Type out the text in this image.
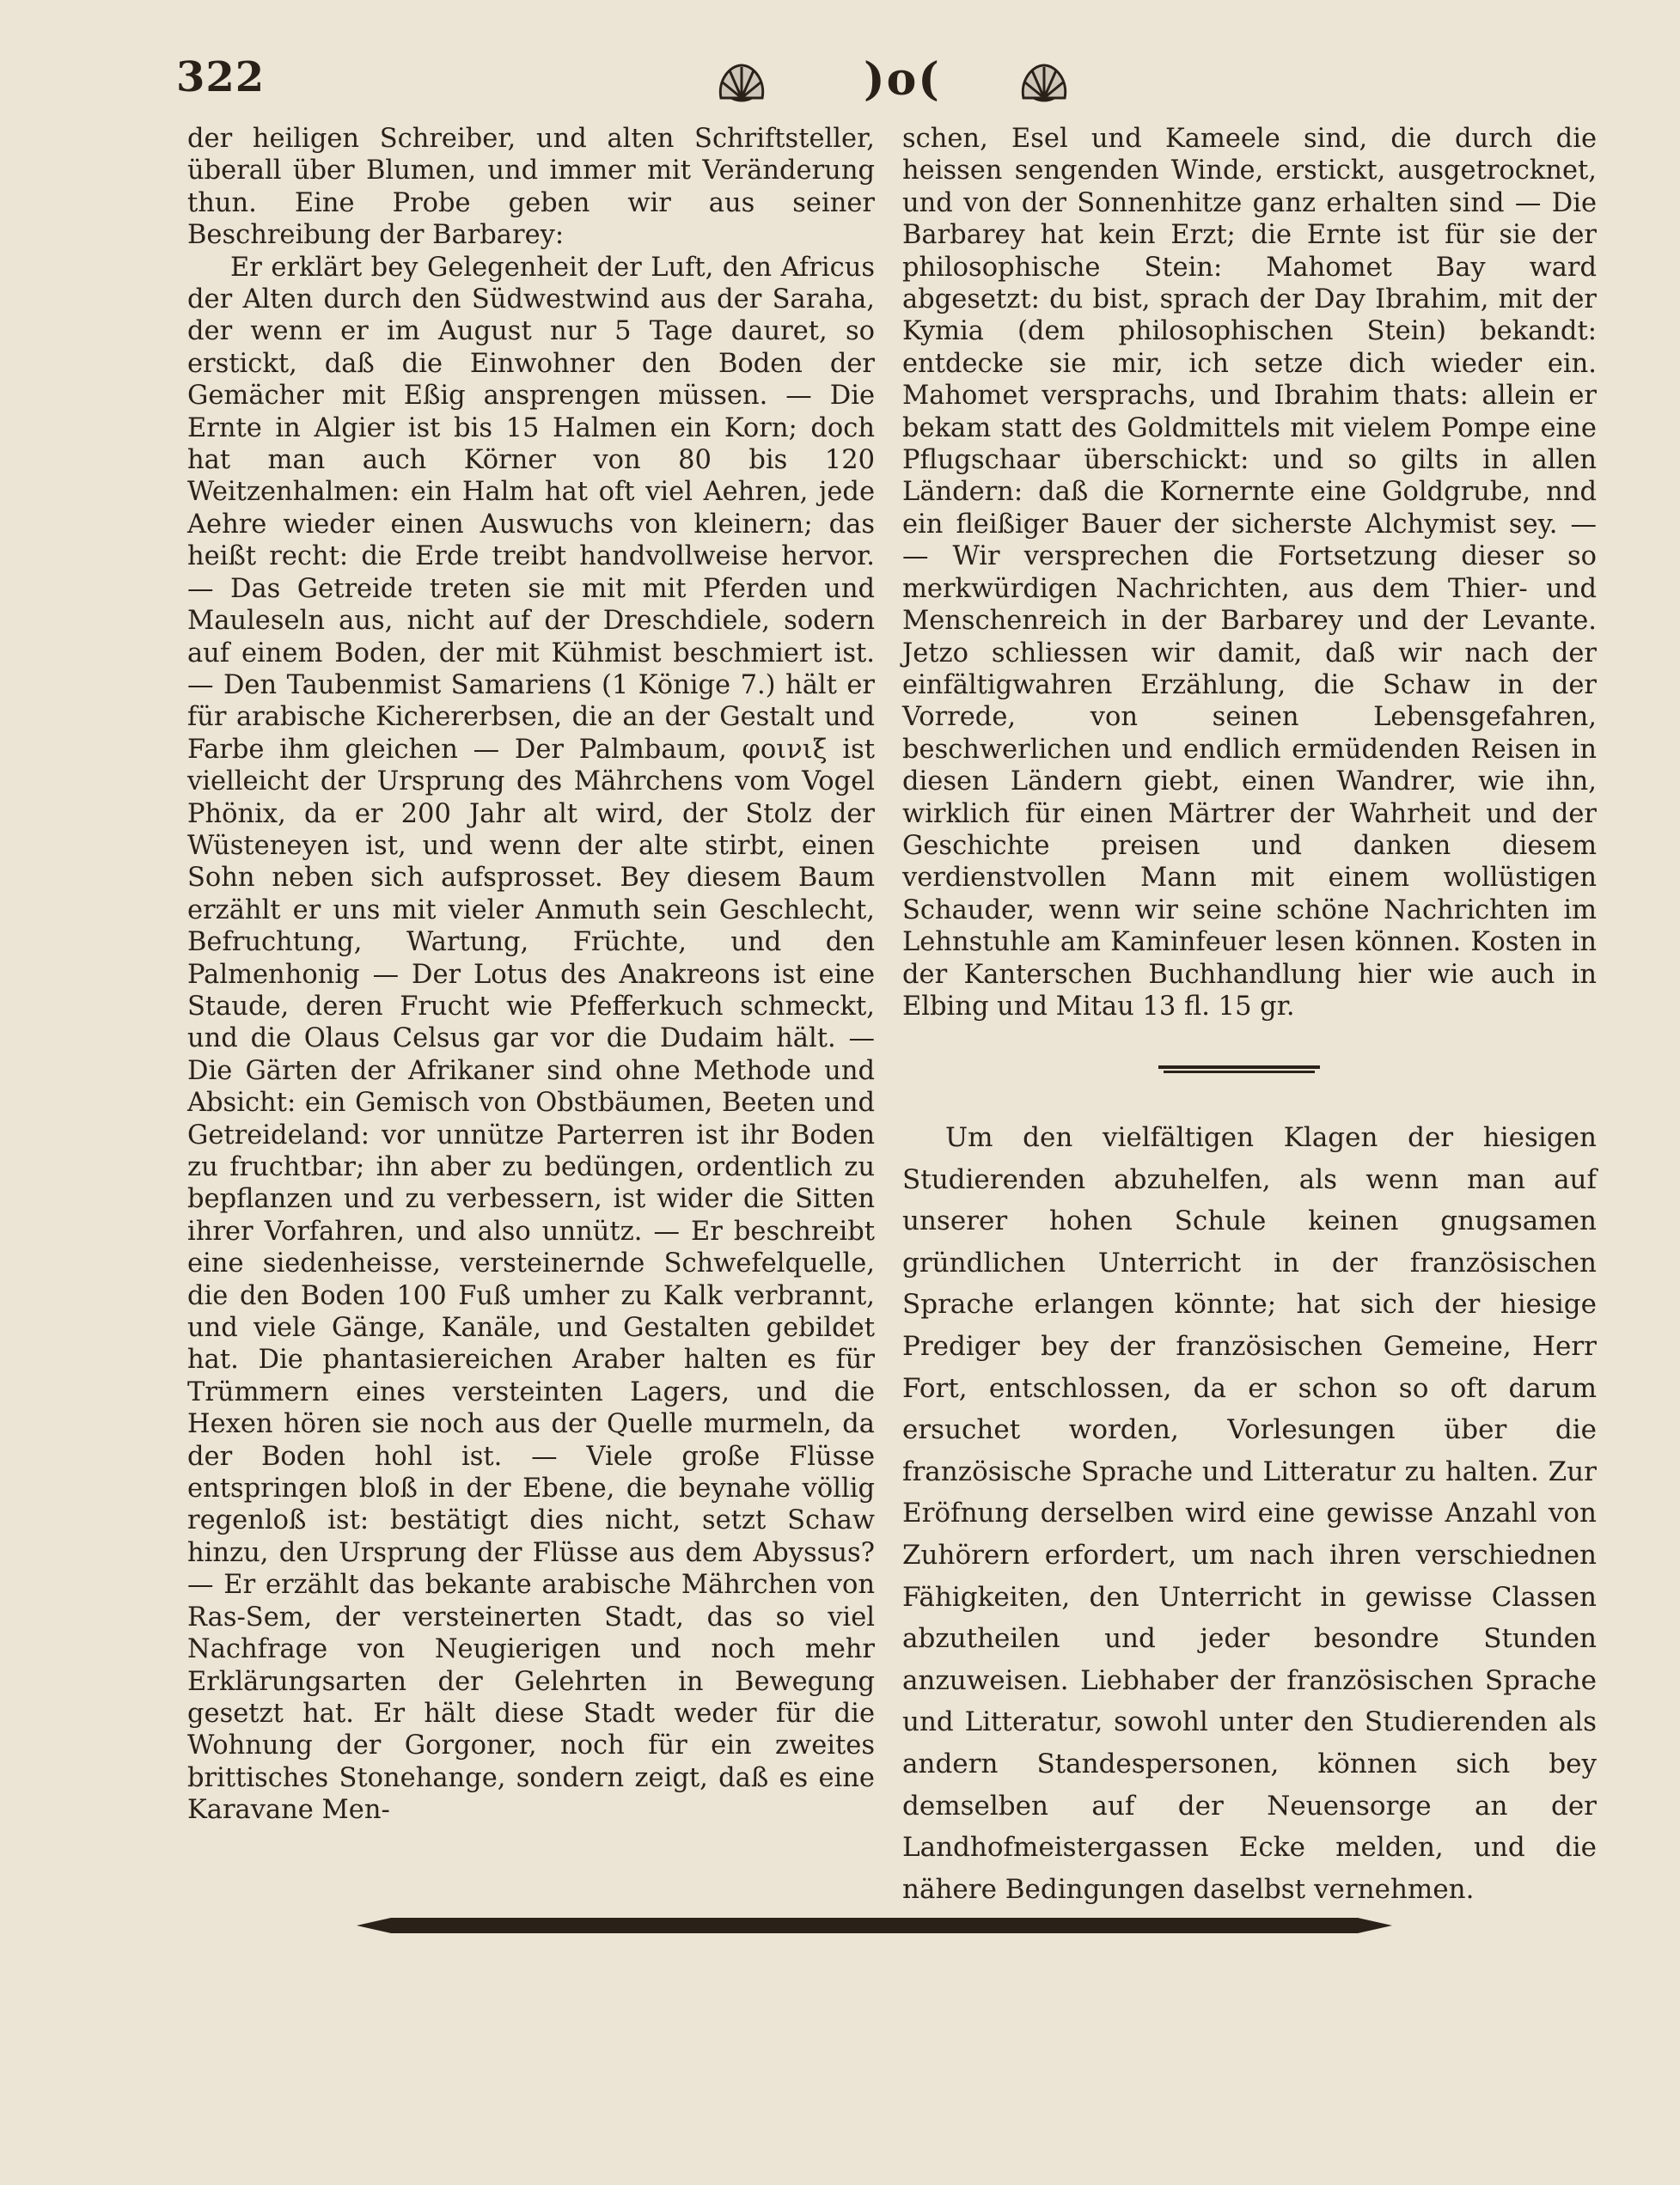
322	)o(

der heiligen Schreiber, und alten Schriftsteller, überall über Blumen, und immer mit Veränderung thun. Eine Probe geben wir aus seiner Beschreibung der Barbarey:

Er erklärt bey Gelegenheit der Luft, den Africus der Alten durch den Südwestwind aus der Saraha, der wenn er im August nur 5 Tage dauret, so erstickt, daß die Einwohner den Boden der Gemächer mit Eßig ansprengen müssen. — Die Ernte in Algier ist bis 15 Halmen ein Korn; doch hat man auch Körner von 80 bis 120 Weitzenhalmen: ein Halm hat oft viel Aehren, jede Aehre wieder einen Auswuchs von kleinern; das heißt recht: die Erde treibt handvollweise hervor. — Das Getreide treten sie mit mit Pferden und Mauleseln aus, nicht auf der Dreschdiele, sodern auf einem Boden, der mit Kühmist beschmiert ist. — Den Taubenmist Samariens (1 Könige 7.) hält er für arabische Kichererbsen, die an der Gestalt und Farbe ihm gleichen — Der Palmbaum, φοινιξ ist vielleicht der Ursprung des Mährchens vom Vogel Phönix, da er 200 Jahr alt wird, der Stolz der Wüsteneyen ist, und wenn der alte stirbt, einen Sohn neben sich aufsprosset. Bey diesem Baum erzählt er uns mit vieler Anmuth sein Geschlecht, Befruchtung, Wartung, Früchte, und den Palmenhonig — Der Lotus des Anakreons ist eine Staude, deren Frucht wie Pfefferkuch schmeckt, und die Olaus Celsus gar vor die Dudaim hält. — Die Gärten der Afrikaner sind ohne Methode und Absicht: ein Gemisch von Obstbäumen, Beeten und Getreideland: vor unnütze Parterren ist ihr Boden zu fruchtbar; ihn aber zu bedüngen, ordentlich zu bepflanzen und zu verbessern, ist wider die Sitten ihrer Vorfahren, und also unnütz. — Er beschreibt eine siedenheisse, versteinernde Schwefelquelle, die den Boden 100 Fuß umher zu Kalk verbrannt, und viele Gänge, Kanäle, und Gestalten gebildet hat. Die phantasiereichen Araber halten es für Trümmern eines versteinten Lagers, und die Hexen hören sie noch aus der Quelle murmeln, da der Boden hohl ist. — Viele große Flüsse entspringen bloß in der Ebene, die beynahe völlig regenloß ist: bestätigt dies nicht, setzt Schaw hinzu, den Ursprung der Flüsse aus dem Abyssus? — Er erzählt das bekante arabische Mährchen von Ras-Sem, der versteinerten Stadt, das so viel Nachfrage von Neugierigen und noch mehr Erklärungsarten der Gelehrten in Bewegung gesetzt hat. Er hält diese Stadt weder für die Wohnung der Gorgoner, noch für ein zweites brittisches Stonehange, sondern zeigt, daß es eine Karavane Men-

schen, Esel und Kameele sind, die durch die heissen sengenden Winde, erstickt, ausgetrocknet, und von der Sonnenhitze ganz erhalten sind — Die Barbarey hat kein Erzt; die Ernte ist für sie der philosophische Stein: Mahomet Bay ward abgesetzt: du bist, sprach der Day Ibrahim, mit der Kymia (dem philosophischen Stein) bekandt: entdecke sie mir, ich setze dich wieder ein. Mahomet versprachs, und Ibrahim thats: allein er bekam statt des Goldmittels mit vielem Pompe eine Pflugschaar überschickt: und so gilts in allen Ländern: daß die Kornernte eine Goldgrube, nnd ein fleißiger Bauer der sicherste Alchymist sey. — — Wir versprechen die Fortsetzung dieser so merkwürdigen Nachrichten, aus dem Thier- und Menschenreich in der Barbarey und der Levante. Jetzo schliessen wir damit, daß wir nach der einfältigwahren Erzählung, die Schaw in der Vorrede, von seinen Lebensgefahren, beschwerlichen und endlich ermüdenden Reisen in diesen Ländern giebt, einen Wandrer, wie ihn, wirklich für einen Märtrer der Wahrheit und der Geschichte preisen und danken diesem verdienstvollen Mann mit einem wollüstigen Schauder, wenn wir seine schöne Nachrichten im Lehnstuhle am Kaminfeuer lesen können. Kosten in der Kanterschen Buchhandlung hier wie auch in Elbing und Mitau 13 fl. 15 gr.

Um den vielfältigen Klagen der hiesigen Studierenden abzuhelfen, als wenn man auf unserer hohen Schule keinen gnugsamen gründlichen Unterricht in der französischen Sprache erlangen könnte; hat sich der hiesige Prediger bey der französischen Gemeine, Herr Fort, entschlossen, da er schon so oft darum ersuchet worden, Vorlesungen über die französische Sprache und Litteratur zu halten. Zur Eröfnung derselben wird eine gewisse Anzahl von Zuhörern erfordert, um nach ihren verschiednen Fähigkeiten, den Unterricht in gewisse Classen abzutheilen und jeder besondre Stunden anzuweisen. Liebhaber der französischen Sprache und Litteratur, sowohl unter den Studierenden als andern Standespersonen, können sich bey demselben auf der Neuensorge an der Landhofmeistergassen Ecke melden, und die nähere Bedingungen daselbst vernehmen.
